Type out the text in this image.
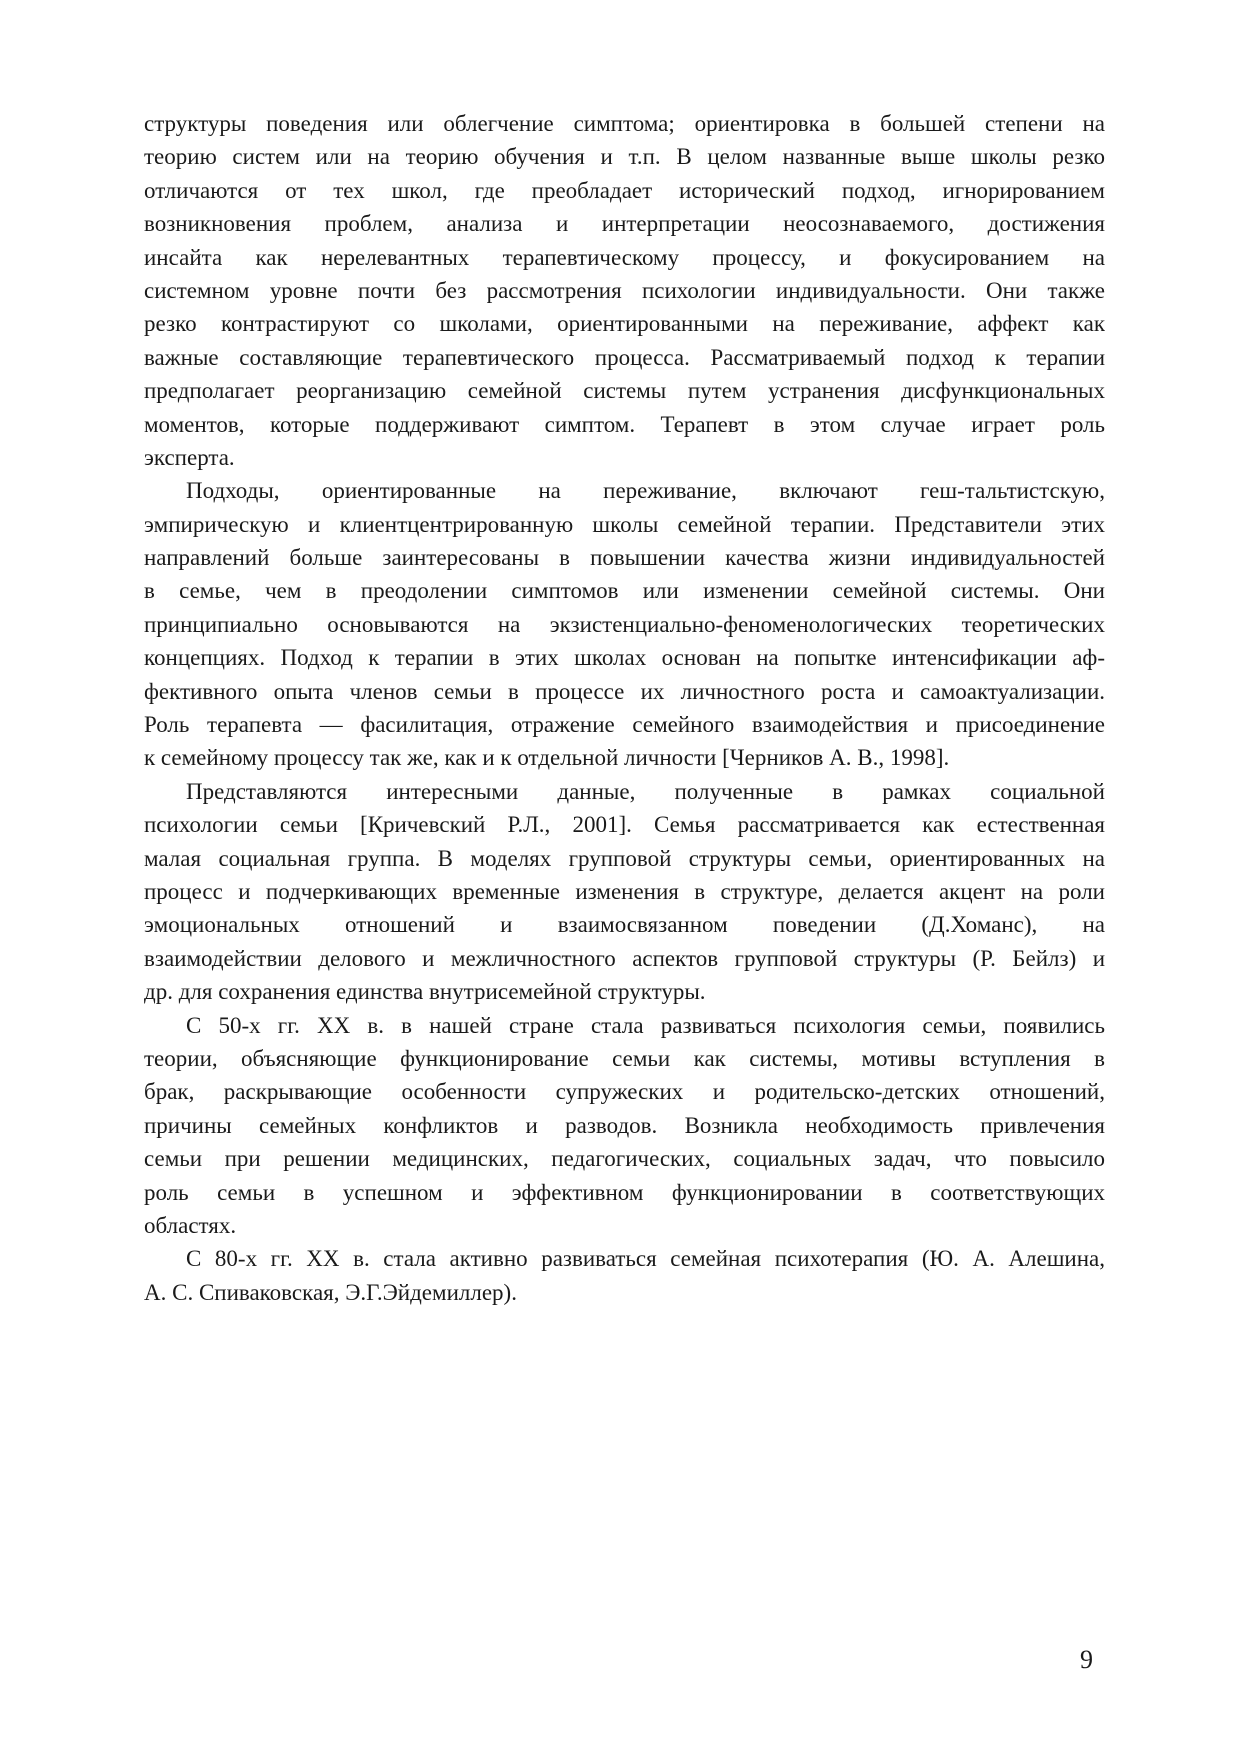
структуры поведения или облегчение симптома; ориентировка в большей степени на
теорию систем или на теорию обучения и т.п. В целом названные выше школы резко
отличаются от тех школ, где преобладает исторический подход, игнорированием
возникновения проблем, анализа и интерпретации неосознаваемого, достижения
инсайта как нерелевантных терапевтическому процессу, и фокусированием на
системном уровне почти без рассмотрения психологии индивидуальности. Они также
резко контрастируют со школами, ориентированными на переживание, аффект как
важные составляющие терапевтического процесса. Рассматриваемый подход к терапии
предполагает реорганизацию семейной системы путем устранения дисфункциональных
моментов, которые поддерживают симптом. Терапевт в этом случае играет роль
эксперта.
Подходы, ориентированные на переживание, включают геш-тальтистскую,
эмпирическую и клиентцентрированную школы семейной терапии. Представители этих
направлений больше заинтересованы в повышении качества жизни индивидуальностей
в семье, чем в преодолении симптомов или изменении семейной системы. Они
принципиально основываются на экзистенциально-феноменологических теоретических
концепциях. Подход к терапии в этих школах основан на попытке интенсификации аф-
фективного опыта членов семьи в процессе их личностного роста и самоактуализации.
Роль терапевта — фасилитация, отражение семейного взаимодействия и присоединение
к семейному процессу так же, как и к отдельной личности [Черников А. В., 1998].
Представляются интересными данные, полученные в рамках социальной
психологии семьи [Кричевский Р.Л., 2001]. Семья рассматривается как естественная
малая социальная группа. В моделях групповой структуры семьи, ориентированных на
процесс и подчеркивающих временные изменения в структуре, делается акцент на роли
эмоциональных отношений и взаимосвязанном поведении (Д.Хоманс), на
взаимодействии делового и межличностного аспектов групповой структуры (Р. Бейлз) и
др. для сохранения единства внутрисемейной структуры.
С 50-х гг. XX в. в нашей стране стала развиваться психология семьи, появились
теории, объясняющие функционирование семьи как системы, мотивы вступления в
брак, раскрывающие особенности супружеских и родительско-детских отношений,
причины семейных конфликтов и разводов. Возникла необходимость привлечения
семьи при решении медицинских, педагогических, социальных задач, что повысило
роль семьи в успешном и эффективном функционировании в соответствующих
областях.
С 80-х гг. XX в. стала активно развиваться семейная психотерапия (Ю. А. Алешина,
А. С. Спиваковская, Э.Г.Эйдемиллер).
9
